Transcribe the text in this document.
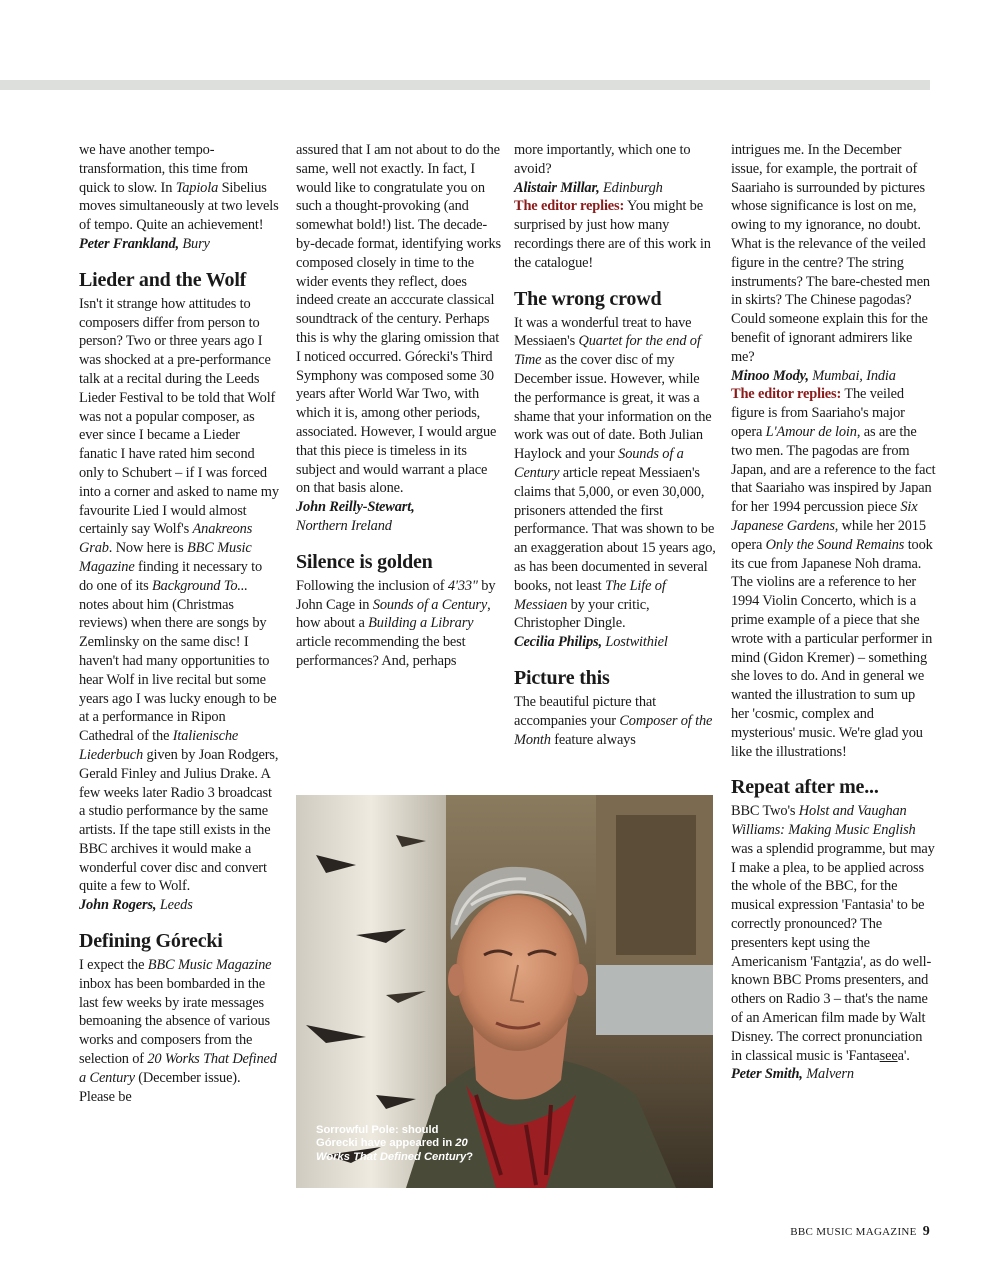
we have another tempo-transformation, this time from quick to slow. In Tapiola Sibelius moves simultaneously at two levels of tempo. Quite an achievement!

Peter Frankland, Bury

Lieder and the Wolf

Isn't it strange how attitudes to composers differ from person to person? Two or three years ago I was shocked at a pre-performance talk at a recital during the Leeds Lieder Festival to be told that Wolf was not a popular composer, as ever since I became a Lieder fanatic I have rated him second only to Schubert – if I was forced into a corner and asked to name my favourite Lied I would almost certainly say Wolf's Anakreons Grab. Now here is BBC Music Magazine finding it necessary to do one of its Background To... notes about him (Christmas reviews) when there are songs by Zemlinsky on the same disc! I haven't had many opportunities to hear Wolf in live recital but some years ago I was lucky enough to be at a performance in Ripon Cathedral of the Italienische Liederbuch given by Joan Rodgers, Gerald Finley and Julius Drake. A few weeks later Radio 3 broadcast a studio performance by the same artists. If the tape still exists in the BBC archives it would make a wonderful cover disc and convert quite a few to Wolf.

John Rogers, Leeds

Defining Górecki

I expect the BBC Music Magazine inbox has been bombarded in the last few weeks by irate messages bemoaning the absence of various works and composers from the selection of 20 Works That Defined a Century (December issue). Please be

assured that I am not about to do the same, well not exactly. In fact, I would like to congratulate you on such a thought-provoking (and somewhat bold!) list. The decade-by-decade format, identifying works composed closely in time to the wider events they reflect, does indeed create an acccurate classical soundtrack of the century. Perhaps this is why the glaring omission that I noticed occurred. Górecki's Third Symphony was composed some 30 years after World War Two, with which it is, among other periods, associated. However, I would argue that this piece is timeless in its subject and would warrant a place on that basis alone.

John Reilly-Stewart,
Northern Ireland

Silence is golden

Following the inclusion of 4'33" by John Cage in Sounds of a Century, how about a Building a Library article recommending the best performances? And, perhaps

more importantly, which one to avoid?

Alistair Millar, Edinburgh

The editor replies: You might be surprised by just how many recordings there are of this work in the catalogue!

The wrong crowd

It was a wonderful treat to have Messiaen's Quartet for the end of Time as the cover disc of my December issue. However, while the performance is great, it was a shame that your information on the work was out of date. Both Julian Haylock and your Sounds of a Century article repeat Messiaen's claims that 5,000, or even 30,000, prisoners attended the first performance. That was shown to be an exaggeration about 15 years ago, as has been documented in several books, not least The Life of Messiaen by your critic, Christopher Dingle.

Cecilia Philips, Lostwithiel

Picture this

The beautiful picture that accompanies your Composer of the Month feature always

intrigues me. In the December issue, for example, the portrait of Saariaho is surrounded by pictures whose significance is lost on me, owing to my ignorance, no doubt. What is the relevance of the veiled figure in the centre? The string instruments? The bare-chested men in skirts? The Chinese pagodas? Could someone explain this for the benefit of ignorant admirers like me?

Minoo Mody, Mumbai, India

The editor replies: The veiled figure is from Saariaho's major opera L'Amour de loin, as are the two men. The pagodas are from Japan, and are a reference to the fact that Saariaho was inspired by Japan for her 1994 percussion piece Six Japanese Gardens, while her 2015 opera Only the Sound Remains took its cue from Japanese Noh drama. The violins are a reference to her 1994 Violin Concerto, which is a prime example of a piece that she wrote with a particular performer in mind (Gidon Kremer) – something she loves to do. And in general we wanted the illustration to sum up her 'cosmic, complex and mysterious' music. We're glad you like the illustrations!

Repeat after me...

BBC Two's Holst and Vaughan Williams: Making Music English was a splendid programme, but may I make a plea, to be applied across the whole of the BBC, for the musical expression 'Fantasia' to be correctly pronounced? The presenters kept using the Americanism 'Fantazia', as do well-known BBC Proms presenters, and others on Radio 3 – that's the name of an American film made by Walt Disney. The correct pronunciation in classical music is 'Fantaseea'.

Peter Smith, Malvern

Sorrowful Pole: should Górecki have appeared in 20 Works That Defined Century?
BBC MUSIC MAGAZINE 9
